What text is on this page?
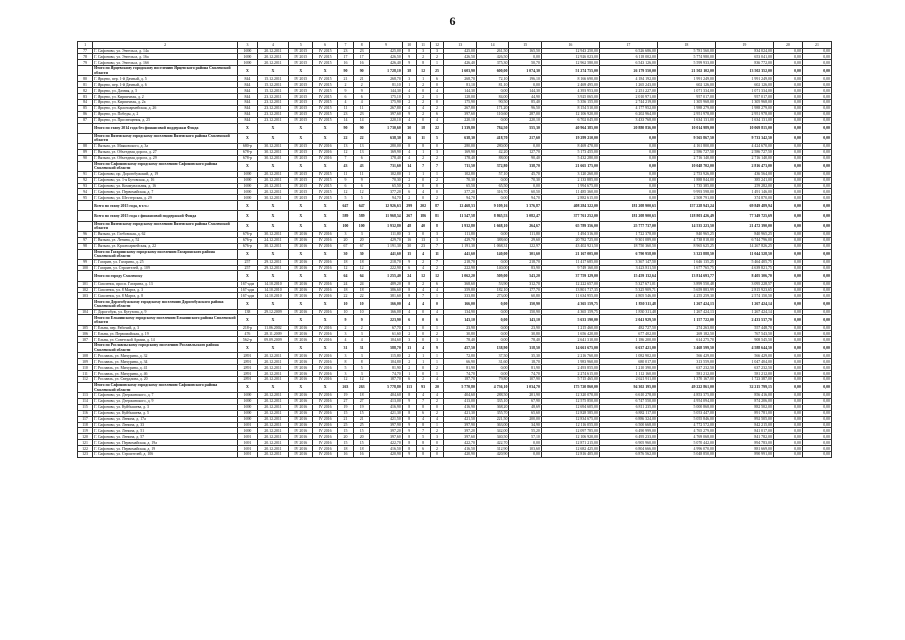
6
1	2	3	4	5	6	7	8	9	10	11	12	13	14	15	16	17	18	19	20	21
77	Г. Сафоново, ул. Энгельса, д. 14а	1690	20.12.2011	IV 2015	IV 2015	23	23	425,00	8	3	3	425,00	261,50	165,50	12 943 250,00	6 526 686,00	5 781 560,00	834 024,00	0,00	0,00
78	Г. Сафоново, ул. Энгельса, д. 16а	1690	20.12.2011	IV 2015	IV 2015	17	17	426,50	9	2	2	426,50	426,50	0,00	12 926 023,00	6 118 002,00	5 774 980,00	653 041,00	0,00	0,00
79	Г. Сафоново, ул. Энгельса, д. 16б	1690	20.12.2011	IV 2015	IV 2015	16	16	426,40	9	8	1	426,40	375,30	50,70	12 962 580,00	6 543 126,00	5 599 933,00	836 772,00	0,00	0,00
	Итого по Ярцевскому городскому поселению Ярцевского района Смоленской области	X	X	X	X	90	90	1 728,10	38	12	25	1 603,90	600,00	1 074,30	51 274 755,00	26 179 550,00	21 502 102,00	13 502 352,00	0,00	0,00
80	Г. Ярцево, пер. 1-й Дачный, д. 5	844	15.12.2011	IV 2015	IV 2015	21	21	268,70	3	1	6	268,70	72,10	196,10	8 166 690,00	4 184 192,00	1 991 249,00	1 991 249,00	0,00	0,00
81	Г. Ярцево, пер. 1-й Дачный, д. 6	844	15.12.2011	IV 2015	IV 2015	2	2	81,10	1	2	0	81,10	81,10	0,00	2 469 495,00	1 265 243,00	602 126,00	602 126,00	0,00	0,00
82	Г. Ярцево, ул. Дачная, д. 5	844	15.12.2011	IV 2015	IV 2015	9	9	144,30	4	0	4	144,30	0,00	144,30	4 393 953,00	2 251 227,00	1 071 334,00	1 071 334,00	0,00	0,00
83	Г. Ярцево, ул. Кирпичная, д. 2	844	23.12.2011	IV 2015	IV 2015	6	6	175,10	3	2	1	128,00	84,00	44,90	3 925 065,00	2 010 971,00	957 017,00	957 017,00	0,00	0,00
84	Г. Ярцево, ул. Кирпичная, д. 2а	844	23.12.2011	IV 2015	IV 2015	4	4	175,90	2	2	0	175,90	90,50	85,40	5 356 155,00	2 744 219,00	1 305 968,00	1 305 968,00	0,00	0,00
85	Г. Ярцево, ул. Красноармейская, д. 26	844	23.12.2011	IV 2015	IV 2015	11	11	267,80	4	4	2	267,80	171,20	96,50	8 154 510,00	4 177 952,00	1 988 279,00	1 988 279,00	0,00	0,00
86	Г. Ярцево, ул. Победы, д. 2	844	23.12.2011	IV 2015	IV 2015	23	23	397,60	9	2	6	397,60	110,60	287,00	12 106 920,00	6 202 964,00	2 951 978,00	2 951 978,00	0,00	0,00
87	Г. Ярцево, ул. Просвещения, д. 25	844	23.12.2011	IV 2015	IV 2015	14	14	220,10	4	0	4	220,10	0,00	220,10	6 702 045,00	3 433 768,00	1 634 131,00	1 634 131,00	0,00	0,00
	Итого по этапу 2014 года без финансовой поддержки Фонда	X	X	X	X	90	90	1 730,60	30	18	22	1 339,80	784,50	555,30	40 964 385,00	20 880 836,00	10 014 989,00	10 069 815,00	0,00	0,00
	Итого по Вяземскому городскому поселению Вяземского района Смоленской области	X	X	X	X	22	22	638,30	16	11	5	638,30	418,70	217,60	19 299 210,00	0,00	9 565 867,50	9 733 342,50	0,00	0,00
88	Г. Вязьма, ул. Маяковского, д. 3а	680-р	30.12.2011	IV 2015	IV 2016	13	13	280,00	8	8	0	280,00	280,00	0,00	8 469 470,00	0,00	4 161 800,00	4 424 670,00	0,00	0,00
89	Г. Вязьма, ул. Объездная дорога, д. 27	678-р	30.12.2011	IV 2015	IV 2016	12	13	169,90	4	1	3	169,90	42,20	127,70	5 173 455,00	0,00	2 586 727,50	2 586 727,50	0,00	0,00
90	Г. Вязьма, ул. Объездная дорога, д. 29	678-р	30.12.2011	IV 2015	IV 2016	7	6	178,40	4	2	2	178,40	88,00	90,40	5 432 280,00	0,00	2 716 140,00	2 716 140,00	0,00	0,00
	Итого по Сафоновскому городскому поселению Сафоновского района Смоленской области	X	X	X	X	43	43	731,60	14	7	7	711,50	372,80	338,70	21 665 175,00	0,00	10 048 702,00	2 816 473,00	0,00	0,00
91	Г. Сафоново, пр. Дорогобужский, д. 19	1690	20.12.2011	IV 2015	IV 2015	11	11	102,80	1	1	1	102,80	57,10	45,70	3 120 260,00	0,00	2 753 926,00	436 564,00	0,00	0,00
92	Г. Сафоново, ул. 1-я Бутовская, д. 16	1690	20.12.2011	IV 2015	IV 2015	9	9	70,30	2	0	2	70,30	0,00	70,30	2 133 885,00	0,00	1 888 844,00	385 241,00	0,00	0,00
93	Г. Сафоново, ул. Коммунальная, д. 16	1690	20.12.2011	IV 2015	IV 2015	6	6	65,50	3	0	0	65,50	65,50	0,00	1 994 675,00	0,00	1 735 385,00	259 282,00	0,00	0,00
94	Г. Сафоново, ул. Первомайская, д. 7	1690	20.12.2011	IV 2015	IV 2015	12	12	377,20	6	4	0	377,20	316,70	60,50	11 485 360,00	0,00	9 993 598,00	1 491 146,00	0,00	0,00
95	Г. Сафоново, ул. Шестерская, д. 29	1690	30.12.2011	IV 2015	IV 2015	5	5	94,70	2	0	2	94,70	0,00	94,70	2 882 615,00	0,00	2 508 791,00	374 870,00	0,00	0,00
	Всего по этапу 2015 года, в т.ч.:	X	X	X	X	647	647	12 926,63	299	202	87	12 468,53	9 109,16	3 376,87	408 284 322,00	181 208 900,63	157 228 943,24	69 849 489,94	0,00	0,00
	Всего по этапу 2015 года с финансовой поддержкой Фонда	X	X	X	X	589	589	11 968,54	267	186	81	11 547,58	8 865,53	3 082,47	377 761 252,00	181 208 900,63	118 803 426,49	77 349 725,69	0,00	0,00
	Итого по Вяземскому городскому поселению Вяземского района Смоленской области	X	X	X	X	100	100	1 932,80	48	40	8	1 932,80	1 668,10	264,67	65 789 356,00	25 777 737,00	14 535 223,50	21 472 390,00	0,00	0,00
96	Г. Вязьма, ул. Глебовская, д. 62	676-р	30.12.2011	IV 2016	IV 2016	3	3	111,80	3	0	3	111,80	0,00	111,80	1 494 316,00	1 722 378,00	840 965,25	840 965,25	0,00	0,00
97	Г. Вязьма, ул. Ленина, д. 52	676-р	24.12.2011	IV 2016	IV 2016	20	20	429,70	16	13	3	429,70	388,60	29,60	20 782 725,00	9 301 089,00	4 738 818,00	6 744 796,00	0,00	0,00
98	Г. Вязьма, ул. Красноармейская, д. 22	676-р	30.12.2011	IV 2016	IV 2016	67	67	1 191,30	30	23	7	1 191,30	1 068,31	122,97	43 402 921,50	18 750 360,50	8 965 625,25	14 267 826,25	0,00	0,00
	Итого по Гагаринскому городскому поселению Гагаринского района Смоленской области	X	X	X	X	30	30	441,60	15	4	11	441,60	140,00	301,60	21 167 005,00	6 790 958,00	3 323 888,50	11 044 528,50	0,00	0,00
99	Г. Гагарин, ул. Гагарина, д. 25	257	29.12.2011	IV 2016	IV 2016	18	18	218,70	9	2	7	218,70	0,00	218,70	11 417 685,00	3 367 147,50	1 646 135,25	5 464 405,75	0,00	0,00
100	Г. Гагарин, ул. Строителей, д. 109	257	29.12.2011	IV 2016	IV 2016	12	12	222,90	6	4	2	222,90	140,00	83,90	9 749 160,00	3 423 811,50	1 677 765,75	4 639 821,75	0,00	0,00
	Итого по городу Смоленску	X	X	X	X	64	64	1 255,40	24	12	12	1 062,20	509,00	543,20	37 759 129,00	15 459 132,64	13 814 693,77	8 405 306,70	0,00	0,00
101	Г. Смоленск, просп. Гагарина, д. 13	167-адм	14.10.2010	IV 2016	IV 2016	24	24	489,20	8	2	6	368,60	53,90	312,70	12 222 657,00	5 327 671,01	3 899 550,48	3 095 228,57	0,00	0,00
102	Г. Смоленск, ул. 8 Марта, д. 3	167-адм	14.10.2010	IV 2016	IV 2016	18	18	386,60	8	4	4	359,80	182,10	177,70	13 801 717,35	5 325 909,71	5 659 883,99	2 815 923,65	0,00	0,00
103	Г. Смоленск, ул. 8 Марта, д. 8	167-адм	14.10.2010	IV 2016	IV 2016	22	22	381,60	8	7	1	333,80	273,00	60,80	11 634 955,00	4 805 546,00	4 255 259,30	2 574 150,50	0,00	0,00
	Итого по Дорогобужскому городскому поселению Дорогобужского района Смоленской области	X	X	X	X	10	10	166,00	4	4	0	166,00	0,00	150,90	4 365 159,75	1 830 311,48	1 267 424,13	1 267 424,14	0,00	0,00
104	Г. Дорогобуж, ул. Кутузова, д. 9	138	29.12.2009	IV 2016	IV 2016	10	10	166,00	4	0	4	134,90	0,00	150,90	4 365 159,75	1 830 311,48	1 267 424,13	1 267 424,14	0,00	0,00
	Итого по Ельнинскому городскому поселению Ельнинского района Смоленской области	X	X	X	X	9	9	223,90	6	0	6	143,10	0,00	143,10	5 633 190,00	2 041 929,50	1 157 722,00	2 433 537,70	0,00	0,00
105	Г. Ельня, пер. Рабочий, д. 3	218-р	11.06.2002	IV 2016	IV 2016	2	2	67,70	1	0	1	23,90	0,00	23,90	1 215 460,00	482 727,50	274 263,80	557 448,70	0,00	0,00
106	Г. Ельня, ул. Первомайская, д. 19	476	28.11.2009	IV 2016	IV 2016	3	3	61,60	2	0	2	30,80	0,00	30,80	1 656 420,00	677 402,00	269 182,50	767 543,50	0,00	0,00
107	Г. Ельня, ул. Советской Армии, д. 14	562-р	09.09.2009	IV 2016	IV 2016	4	4	104,60	3	0	3	78,40	0,00	78,40	2 641 310,00	1 186 200,00	614 275,70	908 545,50	0,00	0,00
	Итого по Рославльскому городскому поселению Рославльского района Смоленской области	X	X	X	X	31	31	588,70	13	4	9	457,50	138,90	318,50	14 661 675,00	6 637 421,00	3 468 599,50	4 588 644,50	0,00	0,00
108	Г. Рославль, ул. Мичурина, д. 32	2891	20.12.2011	IV 2016	IV 2016	3	3	115,80	2	1	1	72,80	37,50	35,30	2 216 760,00	1 082 902,00	566 429,00	566 429,00	0,00	0,00
109	Г. Рославль, ул. Мичурина, д. 34	2891	20.12.2011	IV 2016	IV 2016	8	8	104,80	2	1	1	66,90	31,60	18,70	1 983 960,00	680 017,00	313 559,00	1 047 404,00	0,00	0,00
110	Г. Рославль, ул. Мичурина, д. 41	2891	20.12.2011	IV 2016	IV 2016	5	5	81,90	2	0	2	81,90	0,00	81,90	2 493 855,00	1 210 390,00	637 232,50	637 232,50	0,00	0,00
111	Г. Рославль, ул. Мичурина, д. 46	2891	20.12.2011	IV 2016	IV 2016	3	3	74,70	1	0	1	74,70	0,00	74,70	2 274 615,00	1 112 160,00	581 212,00	581 212,00	0,00	0,00
112	Г. Рославль, ул. Свердлова, д. 20	2891	20.12.2011	IV 2016	IV 2016	12	12	187,70	6	2	4	187,70	79,80	107,90	5 715 465,00	2 621 911,00	1 370 167,00	1 723 387,00	0,00	0,00
	Итого по Сафоновскому городскому поселению Сафоновского района Смоленской области	X	X	X	X	263	263	5 778,80	113	93	20	5 770,80	4 736,10	1 034,70	175 720 860,00	94 302 195,00	49 222 861,00	32 215 799,15	0,00	0,00
113	Г. Сафоново, ул. Дзержинского, д. 7	1690	20.12.2011	IV 2016	IV 2016	19	18	404,60	8	4	4	404,60	288,50	201,90	12 320 070,00	6 610 278,00	4 853 375,00	856 416,00	0,00	0,00
114	Г. Сафоново, ул. Дзержинского, д. 9	1690	20.12.2011	IV 2016	IV 2016	27	27	413,00	9	7	2	413,00	335,10	67,90	12 575 850,00	6 747 550,00	4 954 094,00	874 206,00	0,00	0,00
115	Г. Сафоново, ул. Куйбышева, д. 3	1690	20.12.2011	IV 2016	IV 2016	19	19	416,90	8	8	0	416,90	368,20	48,69	12 694 605,00	6 811 235,00	5 000 868,00	882 502,00	0,00	0,00
116	Г. Сафоново, ул. Куйбышева, д. 5	1690	20.12.2011	IV 2016	IV 2016	15	15	421,30	8	6	2	421,30	355,70	65,60	12 828 585,00	6 882 117,00	5 053 447,00	891 781,00	0,00	0,00
117	Г. Сафоново, ул. Ленина, д. 17а	1690	20.12.2011	IV 2016	IV 2016	21	21	421,50	8	4	4	421,50	221,50	200,00	12 834 675,00	6 886 324,00	5 055 846,00	892 505,00	0,00	0,00
118	Г. Сафоново, ул. Ленина, д. 33	1691	20.12.2011	IV 2016	IV 2016	25	25	397,90	9	8	1	397,90	363,00	34,90	12 116 055,00	6 500 668,00	4 772 572,00	842 215,00	0,00	0,00
119	Г. Сафоново, ул. Ленина, д. 51	1690	20.12.2011	IV 2016	IV 2016	15	15	397,20	9	7	2	397,20	342,00	55,20	12 097 785,00	6 490 999,00	4 765 279,00	841 017,00	0,00	0,00
120	Г. Сафоново, ул. Ленина, д. 57	1691	20.12.2011	IV 2016	IV 2016	20	20	397,60	8	5	3	397,60	340,50	57,10	12 106 920,00	6 495 233,00	4 769 068,00	841 782,00	0,00	0,00
121	Г. Сафоново, ул. Первомайская, д. 19а	1691	20.12.2011	IV 2016	IV 2016	15	15	422,70	8	8	0	422,70	422,70	0,00	12 871 215,00	6 905 960,00	5 070 442,00	894 783,00	0,00	0,00
122	Г. Сафоново, ул. Первомайская, д. 19	1691	20.12.2011	IV 2016	IV 2016	18	18	416,50	8	6	2	416,50	312,90	103,60	12 682 425,00	6 804 666,00	4 996 070,00	881 669,00	0,00	0,00
123	Г. Сафоново, ул. Строителей, д. 106	1691	20.12.2011	IV 2016	IV 2016	16	16	420,90	9	8	0	420,90	420,90	0,00	12 816 405,00	6 876 562,00	5 048 850,00	890 991,00	0,00	0,00
